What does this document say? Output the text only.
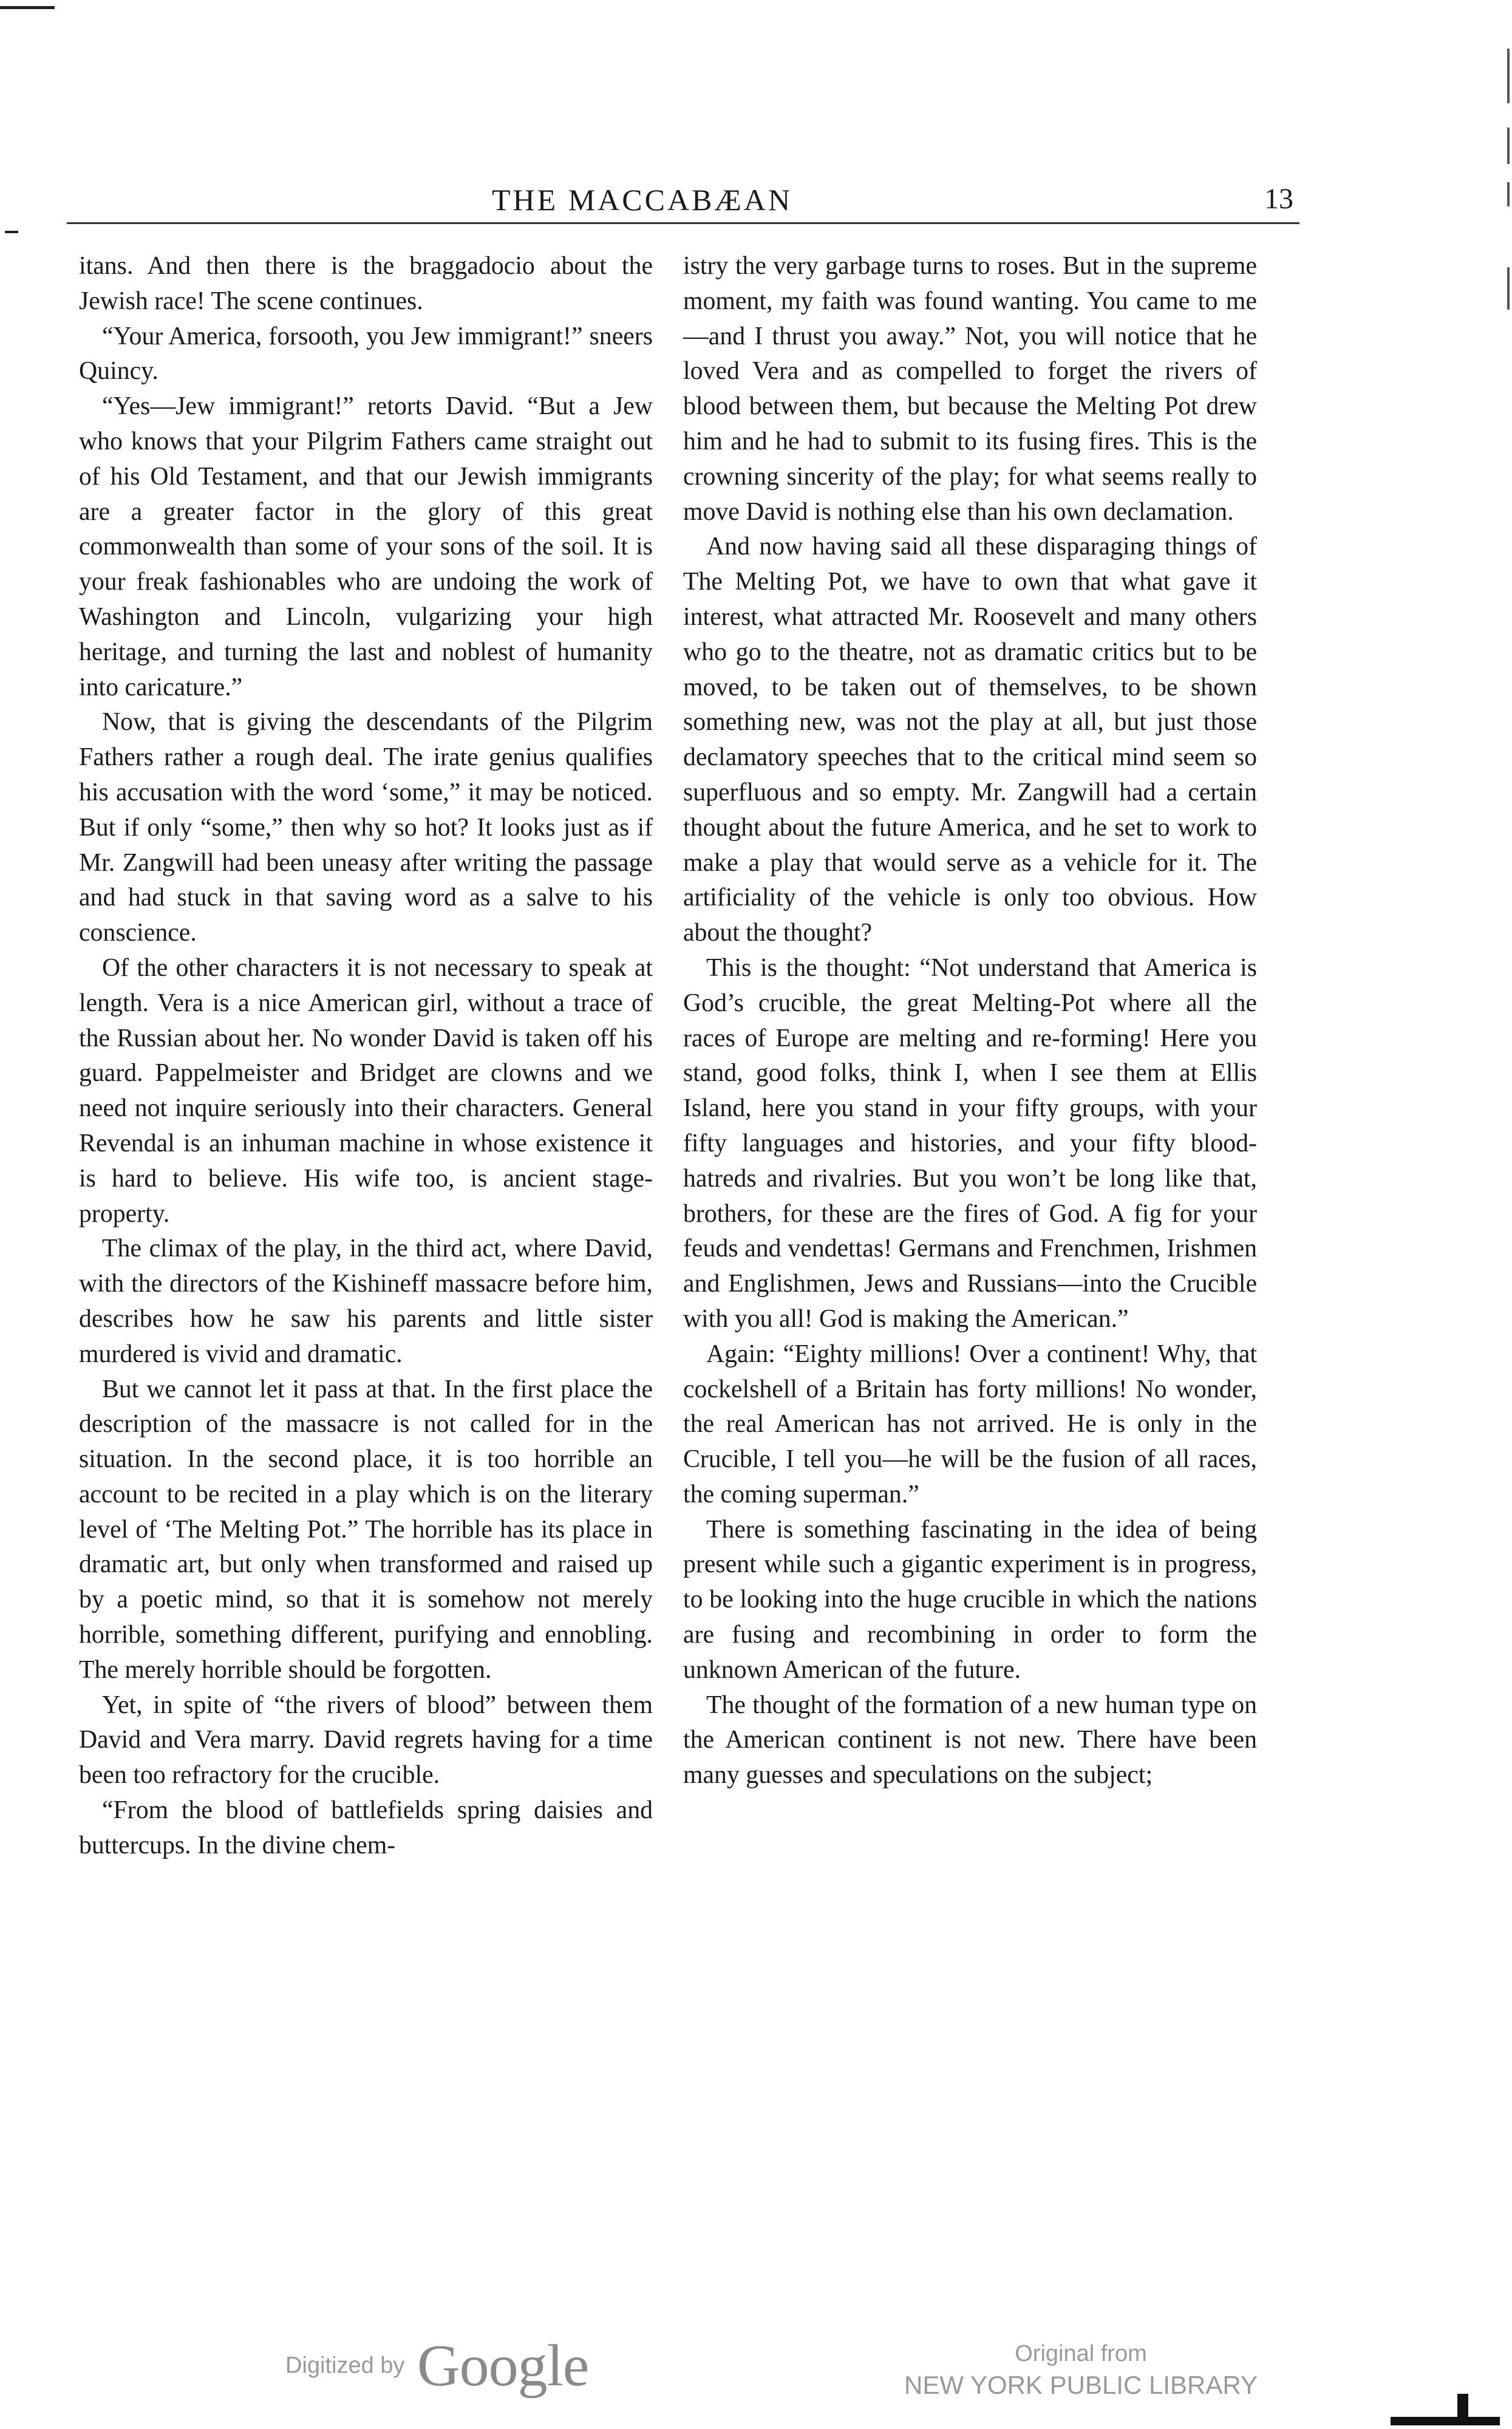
THE MACCABÆAN	13

itans. And then there is the braggadocio about the Jewish race! The scene continues.

“Your America, forsooth, you Jew immigrant!” sneers Quincy.

“Yes—Jew immigrant!” retorts David. “But a Jew who knows that your Pilgrim Fathers came straight out of his Old Testament, and that our Jewish immigrants are a greater factor in the glory of this great commonwealth than some of your sons of the soil. It is your freak fashionables who are undoing the work of Washington and Lincoln, vulgarizing your high heritage, and turning the last and noblest of humanity into caricature.”

Now, that is giving the descendants of the Pilgrim Fathers rather a rough deal. The irate genius qualifies his accusation with the word ‘some,” it may be noticed. But if only “some,” then why so hot? It looks just as if Mr. Zangwill had been uneasy after writing the passage and had stuck in that saving word as a salve to his conscience.

Of the other characters it is not necessary to speak at length. Vera is a nice American girl, without a trace of the Russian about her. No wonder David is taken off his guard. Pappelmeister and Bridget are clowns and we need not inquire seriously into their characters. General Revendal is an inhuman machine in whose existence it is hard to believe. His wife too, is ancient stage-property.

The climax of the play, in the third act, where David, with the directors of the Kishineff massacre before him, describes how he saw his parents and little sister murdered is vivid and dramatic.

But we cannot let it pass at that. In the first place the description of the massacre is not called for in the situation. In the second place, it is too horrible an account to be recited in a play which is on the literary level of ‘The Melting Pot.” The horrible has its place in dramatic art, but only when transformed and raised up by a poetic mind, so that it is somehow not merely horrible, something different, purifying and ennobling. The merely horrible should be forgotten.

Yet, in spite of “the rivers of blood” between them David and Vera marry. David regrets having for a time been too refractory for the crucible.

“From the blood of battlefields spring daisies and buttercups. In the divine chem-

istry the very garbage turns to roses. But in the supreme moment, my faith was found wanting. You came to me—and I thrust you away.” Not, you will notice that he loved Vera and as compelled to forget the rivers of blood between them, but because the Melting Pot drew him and he had to submit to its fusing fires. This is the crowning sincerity of the play; for what seems really to move David is nothing else than his own declamation.

And now having said all these disparaging things of The Melting Pot, we have to own that what gave it interest, what attracted Mr. Roosevelt and many others who go to the theatre, not as dramatic critics but to be moved, to be taken out of themselves, to be shown something new, was not the play at all, but just those declamatory speeches that to the critical mind seem so superfluous and so empty. Mr. Zangwill had a certain thought about the future America, and he set to work to make a play that would serve as a vehicle for it. The artificiality of the vehicle is only too obvious. How about the thought?

This is the thought: “Not understand that America is God’s crucible, the great Melting-Pot where all the races of Europe are melting and re-forming! Here you stand, good folks, think I, when I see them at Ellis Island, here you stand in your fifty groups, with your fifty languages and histories, and your fifty blood-hatreds and rivalries. But you won’t be long like that, brothers, for these are the fires of God. A fig for your feuds and vendettas! Germans and Frenchmen, Irishmen and Englishmen, Jews and Russians—into the Crucible with you all! God is making the American.”

Again: “Eighty millions! Over a continent! Why, that cockelshell of a Britain has forty millions! No wonder, the real American has not arrived. He is only in the Crucible, I tell you—he will be the fusion of all races, the coming superman.”

There is something fascinating in the idea of being present while such a gigantic experiment is in progress, to be looking into the huge crucible in which the nations are fusing and recombining in order to form the unknown American of the future.

The thought of the formation of a new human type on the American continent is not new. There have been many guesses and speculations on the subject;

Digitized by Google	Original from
NEW YORK PUBLIC LIBRARY
